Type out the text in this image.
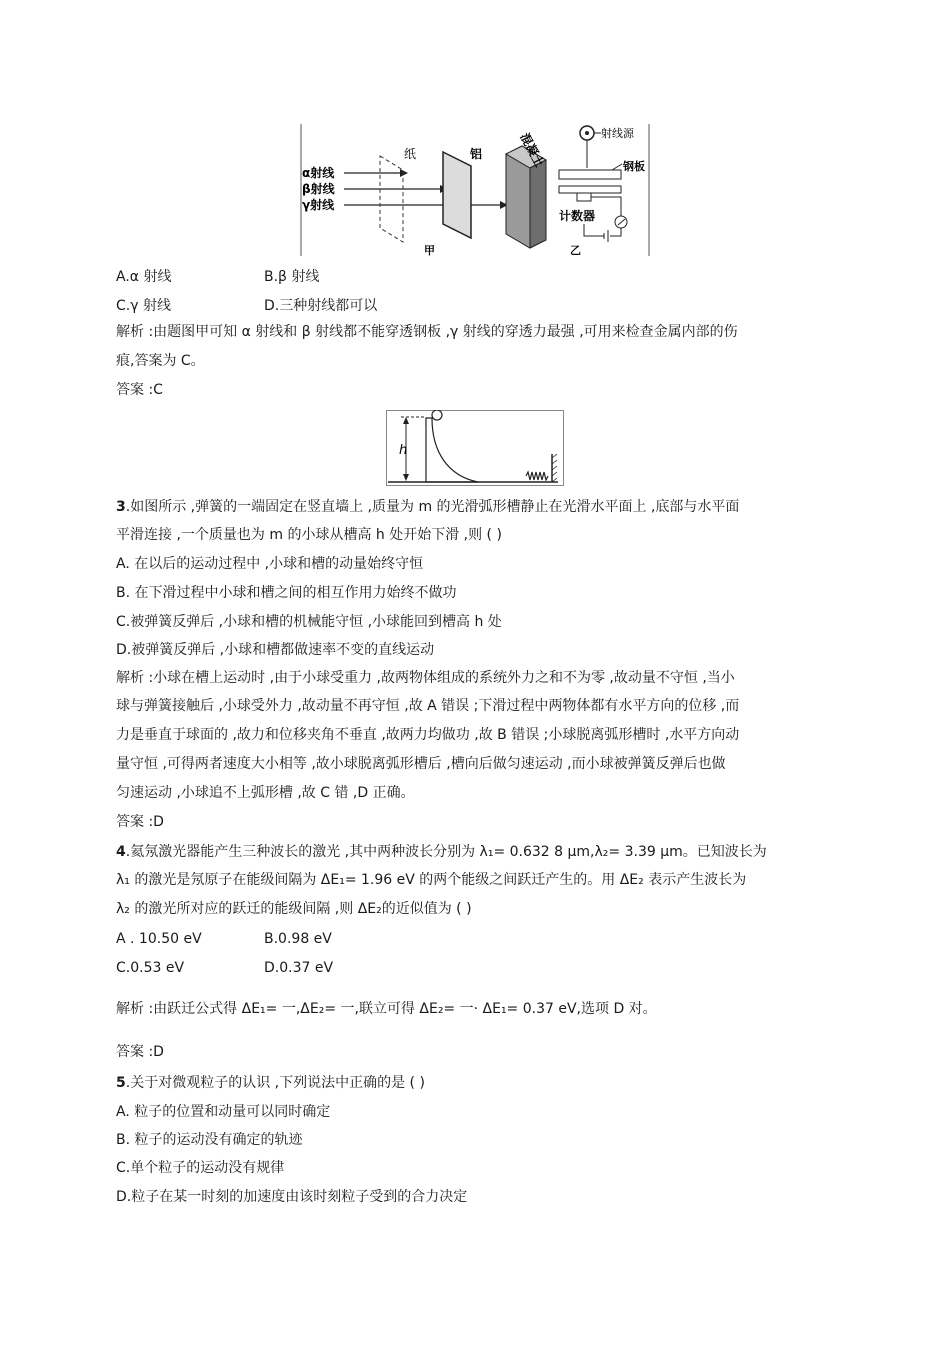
α射线
β射线
γ射线
纸	铝	混凝土	射线源
钢板
计数器
甲	乙
A.α 射线	B.β 射线
C.γ 射线	D.三种射线都可以
解析 :由题图甲可知 α 射线和 β 射线都不能穿透钢板 ,γ 射线的穿透力最强 ,可用来检查金属内部的伤
痕,答案为 C。
答案 :C
h
3.如图所示 ,弹簧的一端固定在竖直墙上 ,质量为 m 的光滑弧形槽静止在光滑水平面上 ,底部与水平面
平滑连接 ,一个质量也为 m 的小球从槽高 h 处开始下滑 ,则 ( )
A. 在以后的运动过程中 ,小球和槽的动量始终守恒
B. 在下滑过程中小球和槽之间的相互作用力始终不做功
C.被弹簧反弹后 ,小球和槽的机械能守恒 ,小球能回到槽高 h 处
D.被弹簧反弹后 ,小球和槽都做速率不变的直线运动
解析 :小球在槽上运动时 ,由于小球受重力 ,故两物体组成的系统外力之和不为零 ,故动量不守恒 ,当小
球与弹簧接触后 ,小球受外力 ,故动量不再守恒 ,故 A 错误 ;下滑过程中两物体都有水平方向的位移 ,而
力是垂直于球面的 ,故力和位移夹角不垂直 ,故两力均做功 ,故 B 错误 ;小球脱离弧形槽时 ,水平方向动
量守恒 ,可得两者速度大小相等 ,故小球脱离弧形槽后 ,槽向后做匀速运动 ,而小球被弹簧反弹后也做
匀速运动 ,小球追不上弧形槽 ,故 C 错 ,D 正确。
答案 :D
4.氦氖激光器能产生三种波长的激光 ,其中两种波长分别为 λ₁= 0.632 8 μm,λ₂= 3.39 μm。已知波长为
λ₁ 的激光是氖原子在能级间隔为 ΔE₁= 1.96 eV 的两个能级之间跃迁产生的。用 ΔE₂ 表示产生波长为
λ₂ 的激光所对应的跃迁的能级间隔 ,则 ΔE₂的近似值为 ( )
A . 10.50 eV	B.0.98 eV
C.0.53 eV	D.0.37 eV
解析 :由跃迁公式得 ΔE₁= 一,ΔE₂= 一,联立可得 ΔE₂= 一· ΔE₁= 0.37 eV,选项 D 对。
答案 :D
5.关于对微观粒子的认识 ,下列说法中正确的是 ( )
A. 粒子的位置和动量可以同时确定
B. 粒子的运动没有确定的轨迹
C.单个粒子的运动没有规律
D.粒子在某一时刻的加速度由该时刻粒子受到的合力决定
